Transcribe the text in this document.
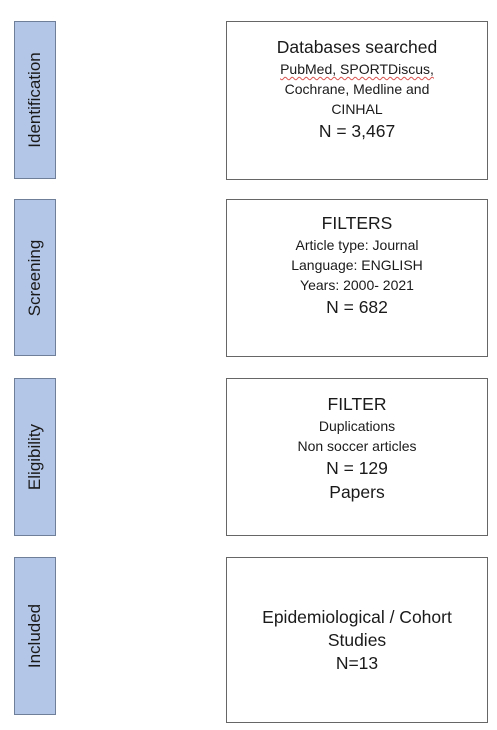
Identification
Databases searched
PubMed, SPORTDiscus,
Cochrane, Medline and
CINHAL
N = 3,467
Screening
FILTERS
Article type: Journal
Language: ENGLISH
Years: 2000- 2021
N = 682
Eligibility
FILTER
Duplications
Non soccer articles
N = 129
Papers
Included	Epidemiological / Cohort
Studies
N=13
